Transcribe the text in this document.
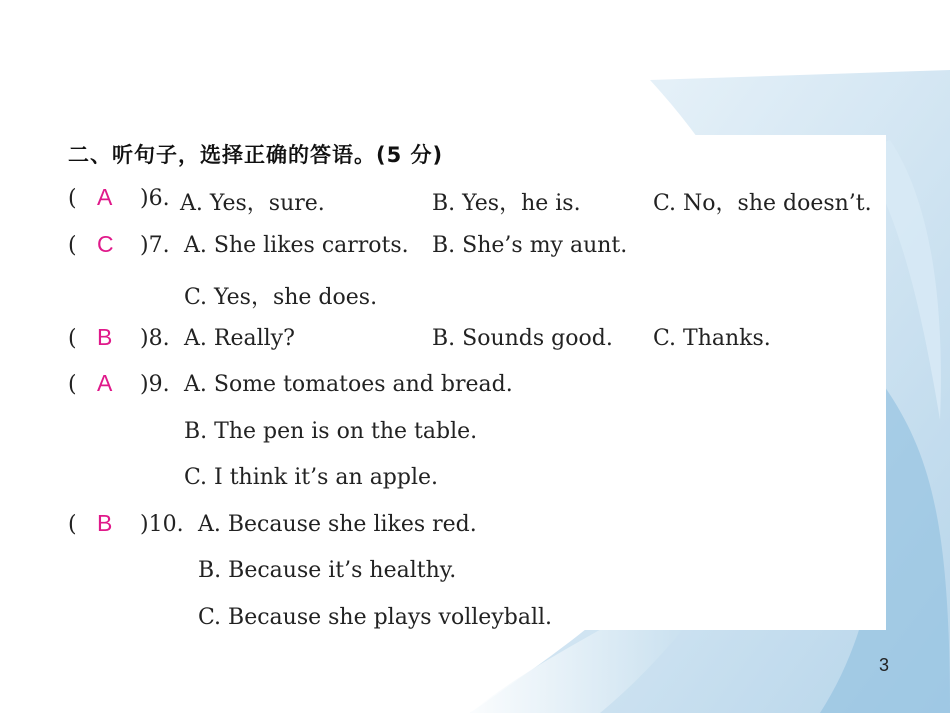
二、听句子，选择正确的答语。(5 分)
( A )6. A. Yes，sure.	B. Yes，he is.	C. No，she doesn’t.
( C )7. A. She likes carrots. B. She’s my aunt.
C. Yes，she does.
( B )8. A. Really?	B. Sounds good. C. Thanks.
( A )9. A. Some tomatoes and bread.
B. The pen is on the table.
C. I think it’s an apple.
( B )10. A. Because she likes red.
B. Because it’s healthy.
C. Because she plays volleyball.
3
